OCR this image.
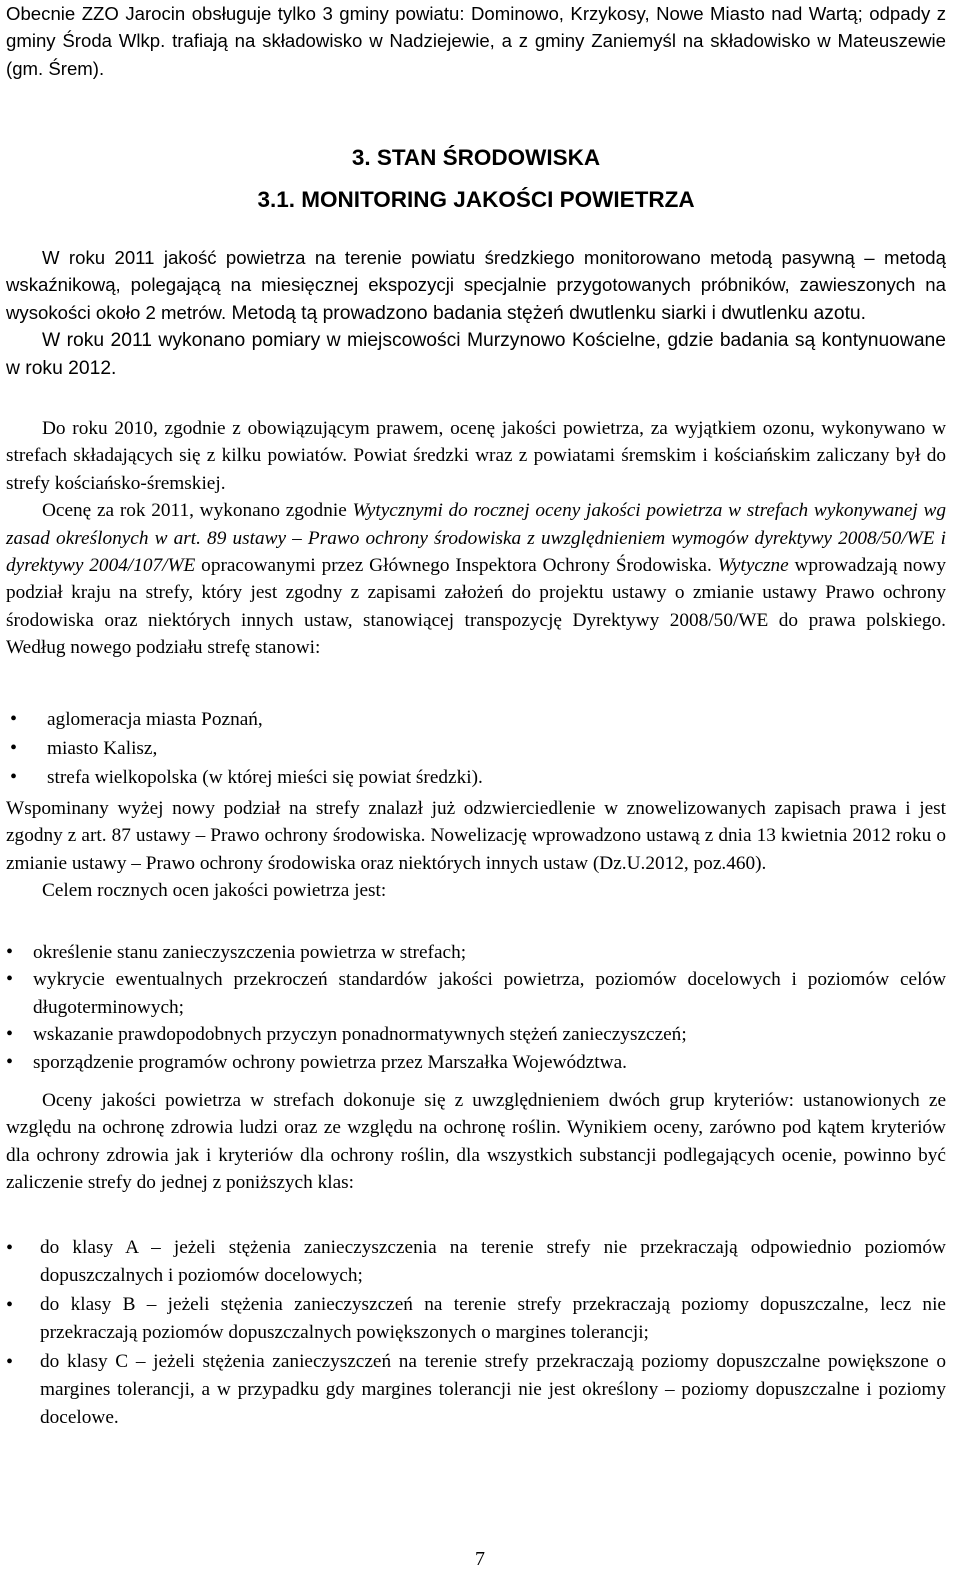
Obecnie ZZO Jarocin obsługuje tylko 3 gminy powiatu: Dominowo, Krzykosy, Nowe Miasto nad Wartą; odpady z gminy Środa Wlkp. trafiają na składowisko w Nadziejewie, a z gminy Zaniemyśl na składowisko w Mateuszewie (gm. Śrem).

3. STAN ŚRODOWISKA
3.1. MONITORING JAKOŚCI POWIETRZA

W roku 2011 jakość powietrza na terenie powiatu średzkiego monitorowano metodą pasywną – metodą wskaźnikową, polegającą na miesięcznej ekspozycji specjalnie przygotowanych próbników, zawieszonych na wysokości około 2 metrów. Metodą tą prowadzono badania stężeń dwutlenku siarki i dwutlenku azotu.

W roku 2011 wykonano pomiary w miejscowości Murzynowo Kościelne, gdzie badania są kontynuowane w roku 2012.

Do roku 2010, zgodnie z obowiązującym prawem, ocenę jakości powietrza, za wyjątkiem ozonu, wykonywano w strefach składających się z kilku powiatów. Powiat średzki wraz z powiatami śremskim i kościańskim zaliczany był do strefy kościańsko-śremskiej.

Ocenę za rok 2011, wykonano zgodnie Wytycznymi do rocznej oceny jakości powietrza w strefach wykonywanej wg zasad określonych w art. 89 ustawy – Prawo ochrony środowiska z uwzględnieniem wymogów dyrektywy 2008/50/WE i dyrektywy 2004/107/WE opracowanymi przez Głównego Inspektora Ochrony Środowiska. Wytyczne wprowadzają nowy podział kraju na strefy, który jest zgodny z zapisami założeń do projektu ustawy o zmianie ustawy Prawo ochrony środowiska oraz niektórych innych ustaw, stanowiącej transpozycję Dyrektywy 2008/50/WE do prawa polskiego. Według nowego podziału strefę stanowi:

• aglomeracja miasta Poznań,
• miasto Kalisz,
• strefa wielkopolska (w której mieści się powiat średzki).

Wspominany wyżej nowy podział na strefy znalazł już odzwierciedlenie w znowelizowanych zapisach prawa i jest zgodny z art. 87 ustawy – Prawo ochrony środowiska. Nowelizację wprowadzono ustawą z dnia 13 kwietnia 2012 roku o zmianie ustawy – Prawo ochrony środowiska oraz niektórych innych ustaw (Dz.U.2012, poz.460).

Celem rocznych ocen jakości powietrza jest:

• określenie stanu zanieczyszczenia powietrza w strefach;
• wykrycie ewentualnych przekroczeń standardów jakości powietrza, poziomów docelowych i poziomów celów długoterminowych;
• wskazanie prawdopodobnych przyczyn ponadnormatywnych stężeń zanieczyszczeń;
• sporządzenie programów ochrony powietrza przez Marszałka Województwa.

Oceny jakości powietrza w strefach dokonuje się z uwzględnieniem dwóch grup kryteriów: ustanowionych ze względu na ochronę zdrowia ludzi oraz ze względu na ochronę roślin. Wynikiem oceny, zarówno pod kątem kryteriów dla ochrony zdrowia jak i kryteriów dla ochrony roślin, dla wszystkich substancji podlegających ocenie, powinno być zaliczenie strefy do jednej z poniższych klas:

• do klasy A – jeżeli stężenia zanieczyszczenia na terenie strefy nie przekraczają odpowiednio poziomów dopuszczalnych i poziomów docelowych;
• do klasy B – jeżeli stężenia zanieczyszczeń na terenie strefy przekraczają poziomy dopuszczalne, lecz nie przekraczają poziomów dopuszczalnych powiększonych o margines tolerancji;
• do klasy C – jeżeli stężenia zanieczyszczeń na terenie strefy przekraczają poziomy dopuszczalne powiększone o margines tolerancji, a w przypadku gdy margines tolerancji nie jest określony – poziomy dopuszczalne i poziomy docelowe.
7
